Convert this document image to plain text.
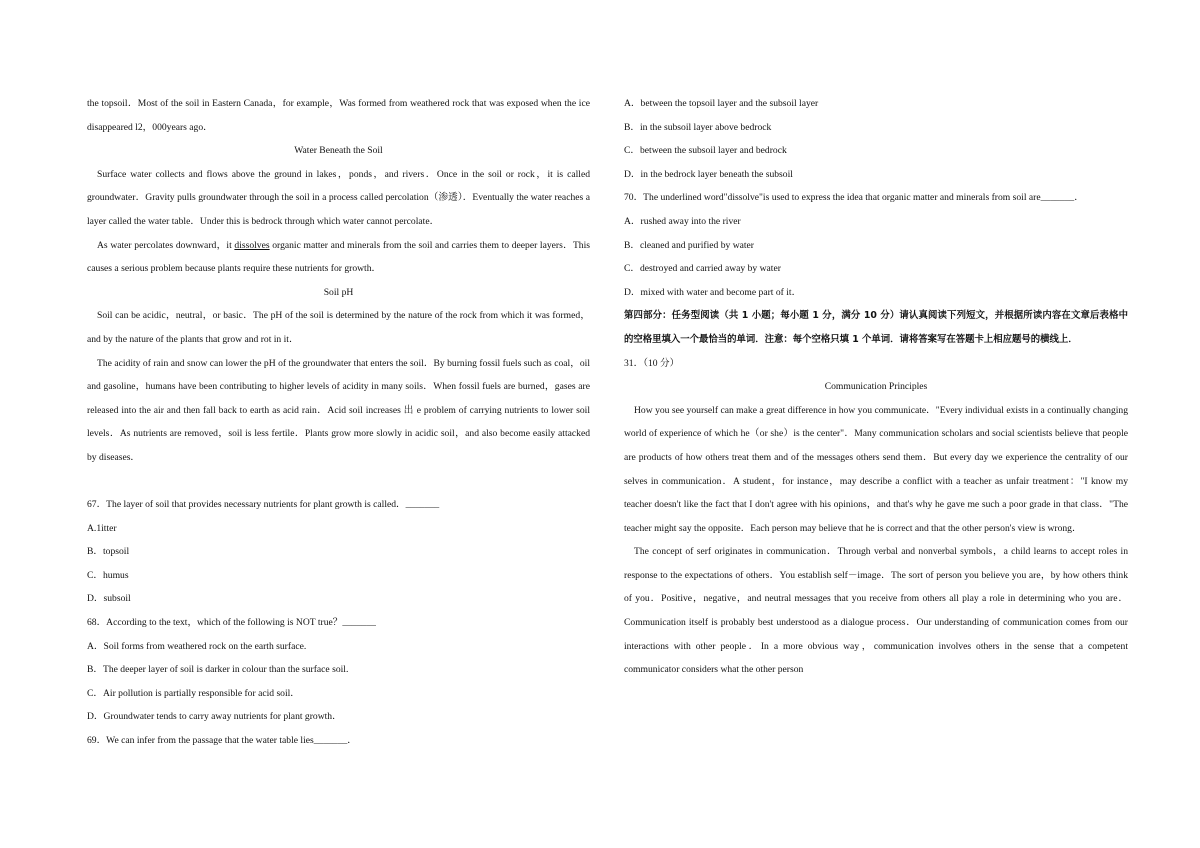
the topsoil．Most of the soil in Eastern Canada，for example，Was formed from weathered rock that was exposed when the ice disappeared l2，000years ago．

Water Beneath the Soil

Surface water collects and flows above the ground in lakes，ponds，and rivers．Once in the soil or rock，it is called groundwater．Gravity pulls groundwater through the soil in a process called percolation（渗透）．Eventually the water reaches a layer called the water table．Under this is bedrock through which water cannot percolate．

As water percolates downward，it dissolves organic matter and minerals from the soil and carries them to deeper layers．This causes a serious problem because plants require these nutrients for growth．

Soil pH

Soil can be acidic，neutral，or basic．The pH of the soil is determined by the nature of the rock from which it was formed，and by the nature of the plants that grow and rot in it．

The acidity of rain and snow can lower the pH of the groundwater that enters the soil．By burning fossil fuels such as coal，oil and gasoline，humans have been contributing to higher levels of acidity in many soils．When fossil fuels are burned，gases are released into the air and then fall back to earth as acid rain．Acid soil increases 出 e problem of carrying nutrients to lower soil levels．As nutrients are removed，soil is less fertile．Plants grow more slowly in acidic soil，and also become easily attacked by diseases．

67．The layer of soil that provides necessary nutrients for plant growth is called．_______

A.1itter

B．topsoil

C．humus

D．subsoil

68．According to the text，which of the following is NOT true？_______

A．Soil forms from weathered rock on the earth surface.

B．The deeper layer of soil is darker in colour than the surface soil.

C．Air pollution is partially responsible for acid soil．

D．Groundwater tends to carry away nutrients for plant growth．

69．We can infer from the passage that the water table lies_______．

A．between the topsoil layer and the subsoil layer

B．in the subsoil layer above bedrock

C．between the subsoil layer and bedrock

D．in the bedrock layer beneath the subsoil

70．The underlined word"dissolve"is used to express the idea that organic matter and minerals from soil are_______．

A．rushed away into the river

B．cleaned and purified by water

C．destroyed and carried away by water

D．mixed with water and become part of it．

第四部分：任务型阅读（共 1 小题；每小题 1 分，满分 10 分）请认真阅读下列短文，并根据所读内容在文章后表格中的空格里填入一个最恰当的单词．注意：每个空格只填 1 个单词．请将答案写在答题卡上相应题号的横线上．

31．（10 分）

Communication Principles

How you see yourself can make a great difference in how you communicate．"Every individual exists in a continually changing world of experience of which he（or she）is the center"．Many communication scholars and social scientists believe that people are products of how others treat them and of the messages others send them．But every day we experience the centrality of our selves in communication．A student，for instance，may describe a conflict with a teacher as unfair treatment："I know my teacher doesn't like the fact that I don't agree with his opinions，and that's why he gave me such a poor grade in that class．"The teacher might say the opposite．Each person may believe that he is correct and that the other person's view is wrong．

The concept of serf originates in communication．Through verbal and nonverbal symbols，a child learns to accept roles in response to the expectations of others．You establish self－image．The sort of person you believe you are，by how others think of you．Positive，negative，and neutral messages that you receive from others all play a role in determining who you are．Communication itself is probably best understood as a dialogue process．Our understanding of communication comes from our interactions with other people．In a more obvious way，communication involves others in the sense that a competent communicator considers what the other person
